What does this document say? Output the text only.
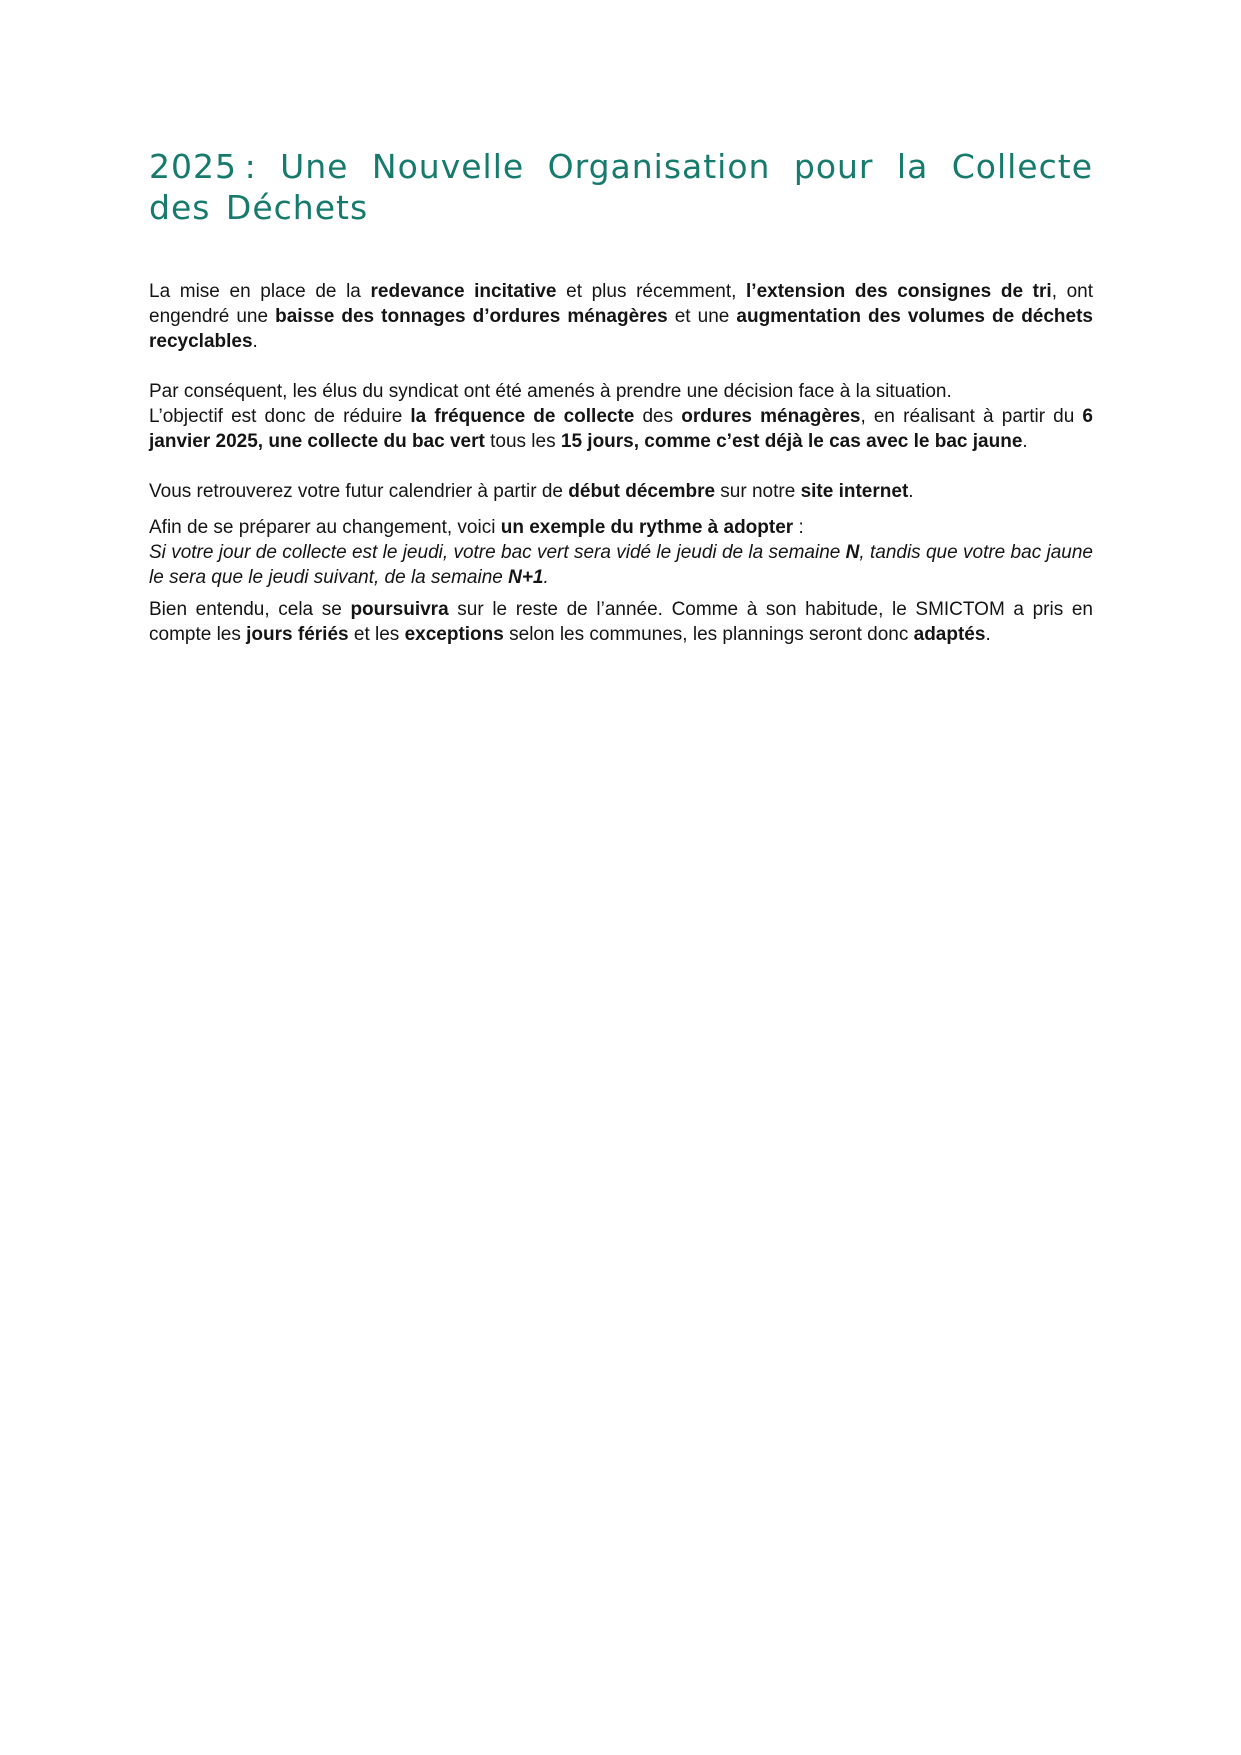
2025 : Une Nouvelle Organisation pour la Collecte des Déchets

La mise en place de la redevance incitative et plus récemment, l’extension des consignes de tri, ont engendré une baisse des tonnages d’ordures ménagères et une augmentation des volumes de déchets recyclables.

Par conséquent, les élus du syndicat ont été amenés à prendre une décision face à la situation.

L’objectif est donc de réduire la fréquence de collecte des ordures ménagères, en réalisant à partir du 6 janvier 2025, une collecte du bac vert tous les 15 jours, comme c’est déjà le cas avec le bac jaune.

Vous retrouverez votre futur calendrier à partir de début décembre sur notre site internet.

Afin de se préparer au changement, voici un exemple du rythme à adopter :

Si votre jour de collecte est le jeudi, votre bac vert sera vidé le jeudi de la semaine N, tandis que votre bac jaune le sera que le jeudi suivant, de la semaine N+1.

Bien entendu, cela se poursuivra sur le reste de l’année. Comme à son habitude, le SMICTOM a pris en compte les jours fériés et les exceptions selon les communes, les plannings seront donc adaptés.
